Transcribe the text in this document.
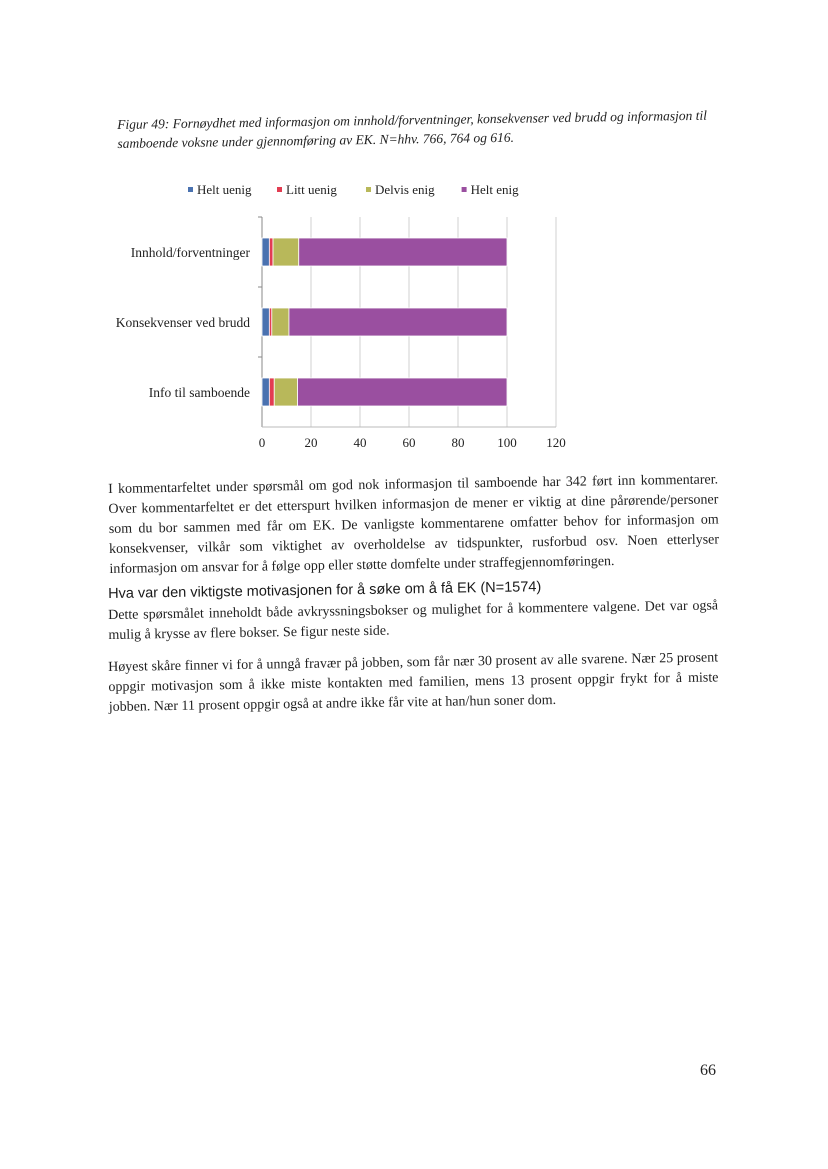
Figur 49: Fornøydhet med informasjon om innhold/forventninger, konsekvenser ved brudd og informasjon til samboende voksne under gjennomføring av EK. N=hhv. 766, 764 og 616.
Helt uenig	Litt uenig	Delvis enig	Helt enig
0	20	40	60	80	100 120
Innhold/forventninger
Konsekvenser ved brudd
Info til samboende
I kommentarfeltet under spørsmål om god nok informasjon til samboende har 342 ført inn kommentarer. Over kommentarfeltet er det etterspurt hvilken informasjon de mener er viktig at dine pårørende/personer som du bor sammen med får om EK. De vanligste kommentarene omfatter behov for informasjon om konsekvenser, vilkår som viktighet av overholdelse av tidspunkter, rusforbud osv. Noen etterlyser informasjon om ansvar for å følge opp eller støtte domfelte under straffegjennomføringen.
Hva var den viktigste motivasjonen for å søke om å få EK (N=1574)
Dette spørsmålet inneholdt både avkryssningsbokser og mulighet for å kommentere valgene. Det var også mulig å krysse av flere bokser. Se figur neste side.
Høyest skåre finner vi for å unngå fravær på jobben, som får nær 30 prosent av alle svarene. Nær 25 prosent oppgir motivasjon som å ikke miste kontakten med familien, mens 13 prosent oppgir frykt for å miste jobben. Nær 11 prosent oppgir også at andre ikke får vite at han/hun soner dom.
66
